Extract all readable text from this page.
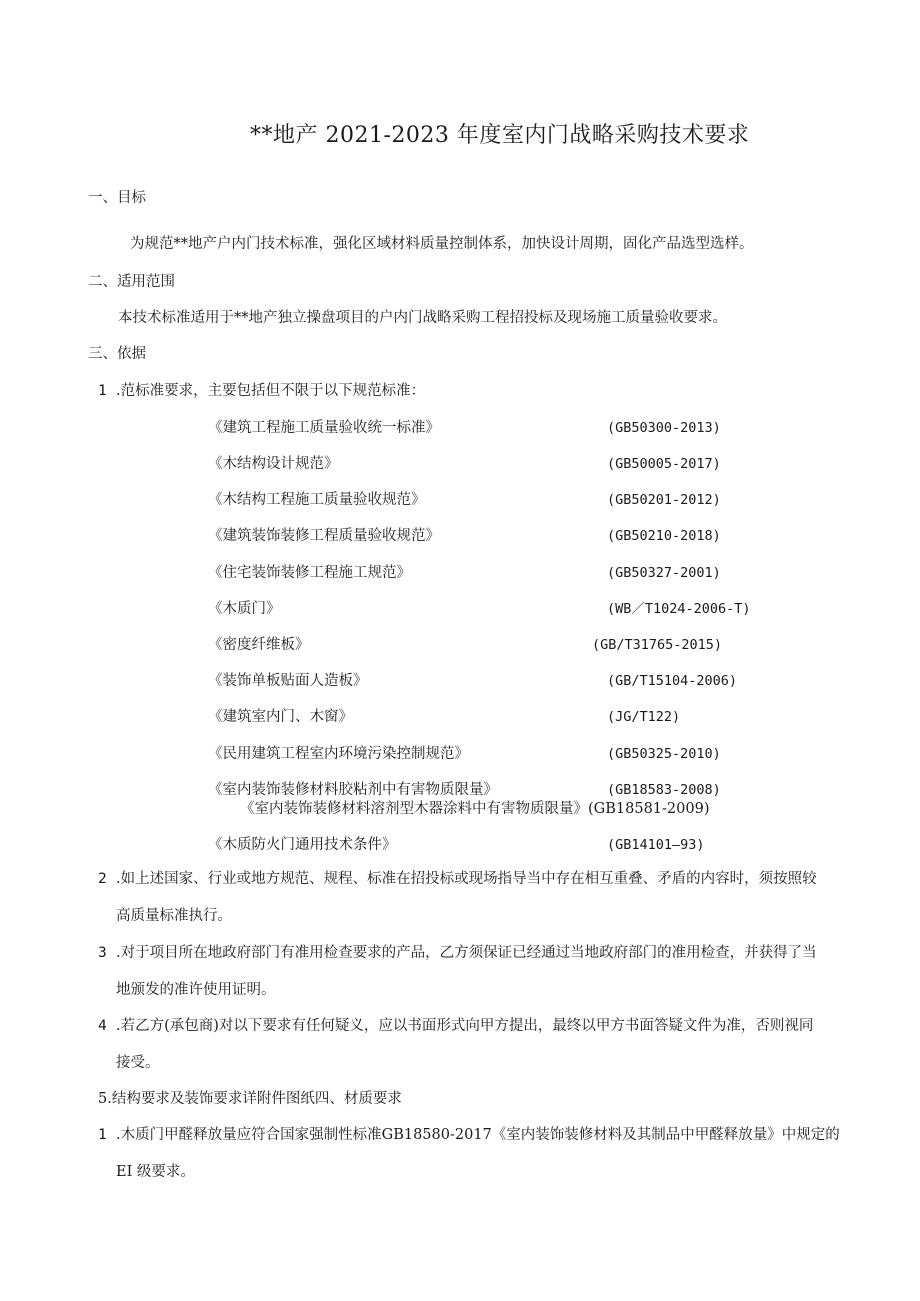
**地产 2021-2023 年度室内门战略采购技术要求
一、目标
为规范**地产户内门技术标准，强化区域材料质量控制体系，加快设计周期，固化产品选型选样。
二、适用范围
本技术标准适用于**地产独立操盘项目的户内门战略采购工程招投标及现场施工质量验收要求。
三、依据
1 .范标准要求，主要包括但不限于以下规范标准：
《建筑工程施工质量验收统一标准》	(GB50300-2013)
《木结构设计规范》	(GB50005-2017)
《木结构工程施工质量验收规范》	(GB50201-2012)
《建筑装饰装修工程质量验收规范》	(GB50210-2018)
《住宅装饰装修工程施工规范》	(GB50327-2001)
《木质门》	(WB／T1024-2006-T)
《密度纤维板》	(GB/T31765-2015)
《装饰单板贴面人造板》	(GB/T15104-2006)
《建筑室内门、木窗》	(JG/T122)
《民用建筑工程室内环境污染控制规范》	(GB50325-2010)
《室内装饰装修材料胶粘剂中有害物质限量》	(GB18583-2008)
《室内装饰装修材料溶剂型木器涂料中有害物质限量》(GB18581-2009)
《木质防火门通用技术条件》	(GB14101—93)
2 .如上述国家、行业或地方规范、规程、标准在招投标或现场指导当中存在相互重叠、矛盾的内容时，须按照较
高质量标准执行。
3 .对于项目所在地政府部门有准用检查要求的产品，乙方须保证已经通过当地政府部门的准用检查，并获得了当
地颁发的准许使用证明。
4 .若乙方(承包商)对以下要求有任何疑义，应以书面形式向甲方提出，最终以甲方书面答疑文件为准，否则视同
接受。
5.结构要求及装饰要求详附件图纸四、材质要求
1 .木质门甲醛释放量应符合国家强制性标准GB18580-2017《室内装饰装修材料及其制品中甲醛释放量》中规定的
EI 级要求。
